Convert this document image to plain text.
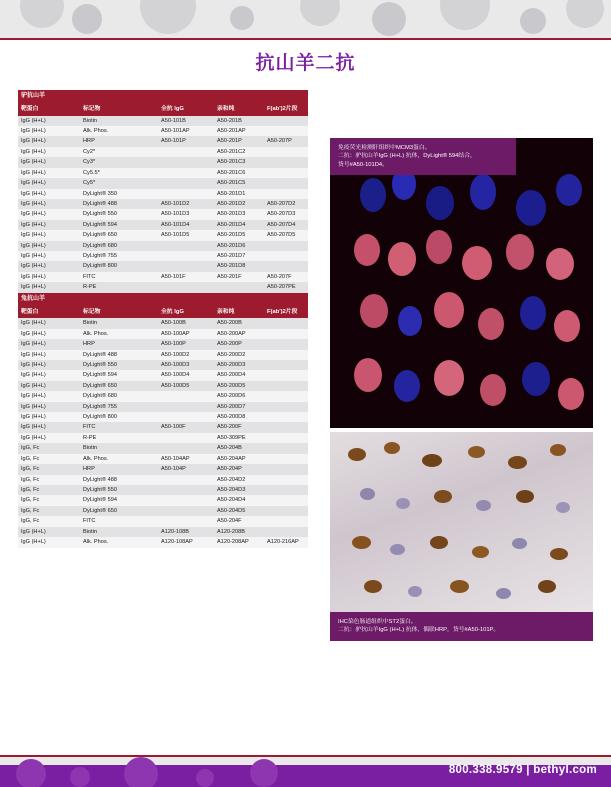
抗山羊二抗
驴抗山羊				
靶蛋白	标记物	全抗 IgG	亲和纯	F(ab')2片段
IgG (H+L)	Biotin	A50-101B	A50-201B	
IgG (H+L)	Alk. Phos.	A50-101AP	A50-201AP	
IgG (H+L)	HRP	A50-101P	A50-201P	A50-207P
IgG (H+L)	Cy2*		A50-201C2	
IgG (H+L)	Cy3*		A50-201C3	
IgG (H+L)	Cy5.5*		A50-201C6	
IgG (H+L)	Cy5*		A50-201C5	
IgG (H+L)	DyLight® 350		A50-201D1	
IgG (H+L)	DyLight® 488	A50-101D2	A50-201D2	A50-207D2
IgG (H+L)	DyLight® 550	A50-101D3	A50-201D3	A50-207D3
IgG (H+L)	DyLight® 594	A50-101D4	A50-201D4	A50-207D4
IgG (H+L)	DyLight® 650	A50-101D5	A50-201D5	A50-207D5
IgG (H+L)	DyLight® 680		A50-201D6	
IgG (H+L)	DyLight® 755		A50-201D7	
IgG (H+L)	DyLight® 800		A50-201D8	
IgG (H+L)	FITC	A50-101F	A50-201F	A50-207F
IgG (H+L)	R-PE			A50-207PE
兔抗山羊				
靶蛋白	标记物	全抗 IgG	亲和纯	F(ab')2片段
IgG (H+L)	Biotin	A50-100B	A50-200B	
IgG (H+L)	Alk. Phos.	A50-100AP	A50-200AP	
IgG (H+L)	HRP	A50-100P	A50-200P	
IgG (H+L)	DyLight® 488	A50-100D2	A50-200D2	
IgG (H+L)	DyLight® 550	A50-100D3	A50-200D3	
IgG (H+L)	DyLight® 594	A50-100D4	A50-200D4	
IgG (H+L)	DyLight® 650	A50-100D5	A50-200D5	
IgG (H+L)	DyLight® 680		A50-200D6	
IgG (H+L)	DyLight® 755		A50-200D7	
IgG (H+L)	DyLight® 800		A50-200D8	
IgG (H+L)	FITC	A50-100F	A50-200F	
IgG (H+L)	R-PE		A50-309PE	
IgG, Fc	Biotin		A50-204B	
IgG, Fc	Alk. Phos.	A50-104AP	A50-204AP	
IgG, Fc	HRP	A50-104P	A50-204P	
IgG, Fc	DyLight® 488		A50-204D2	
IgG, Fc	DyLight® 550		A50-204D3	
IgG, Fc	DyLight® 594		A50-204D4	
IgG, Fc	DyLight® 650		A50-204D5	
IgG, Fc	FITC		A50-204F	
IgG (H+L)	Biotin	A120-108B	A120-208B	
IgG (H+L)	Alk. Phos.	A120-108AP	A120-208AP	A120-216AP
免疫荧光检测肝组织中MCM3蛋白。
二抗：驴抗山羊IgG (H+L) 抗体，DyLight® 594结合，
货号#A50-101D4。
IHC染色肠道组织中ST2蛋白。
二抗：驴抗山羊IgG (H+L) 抗体，偶联HRP，货号#A50-101P。
800.338.9579 | bethyl.com
